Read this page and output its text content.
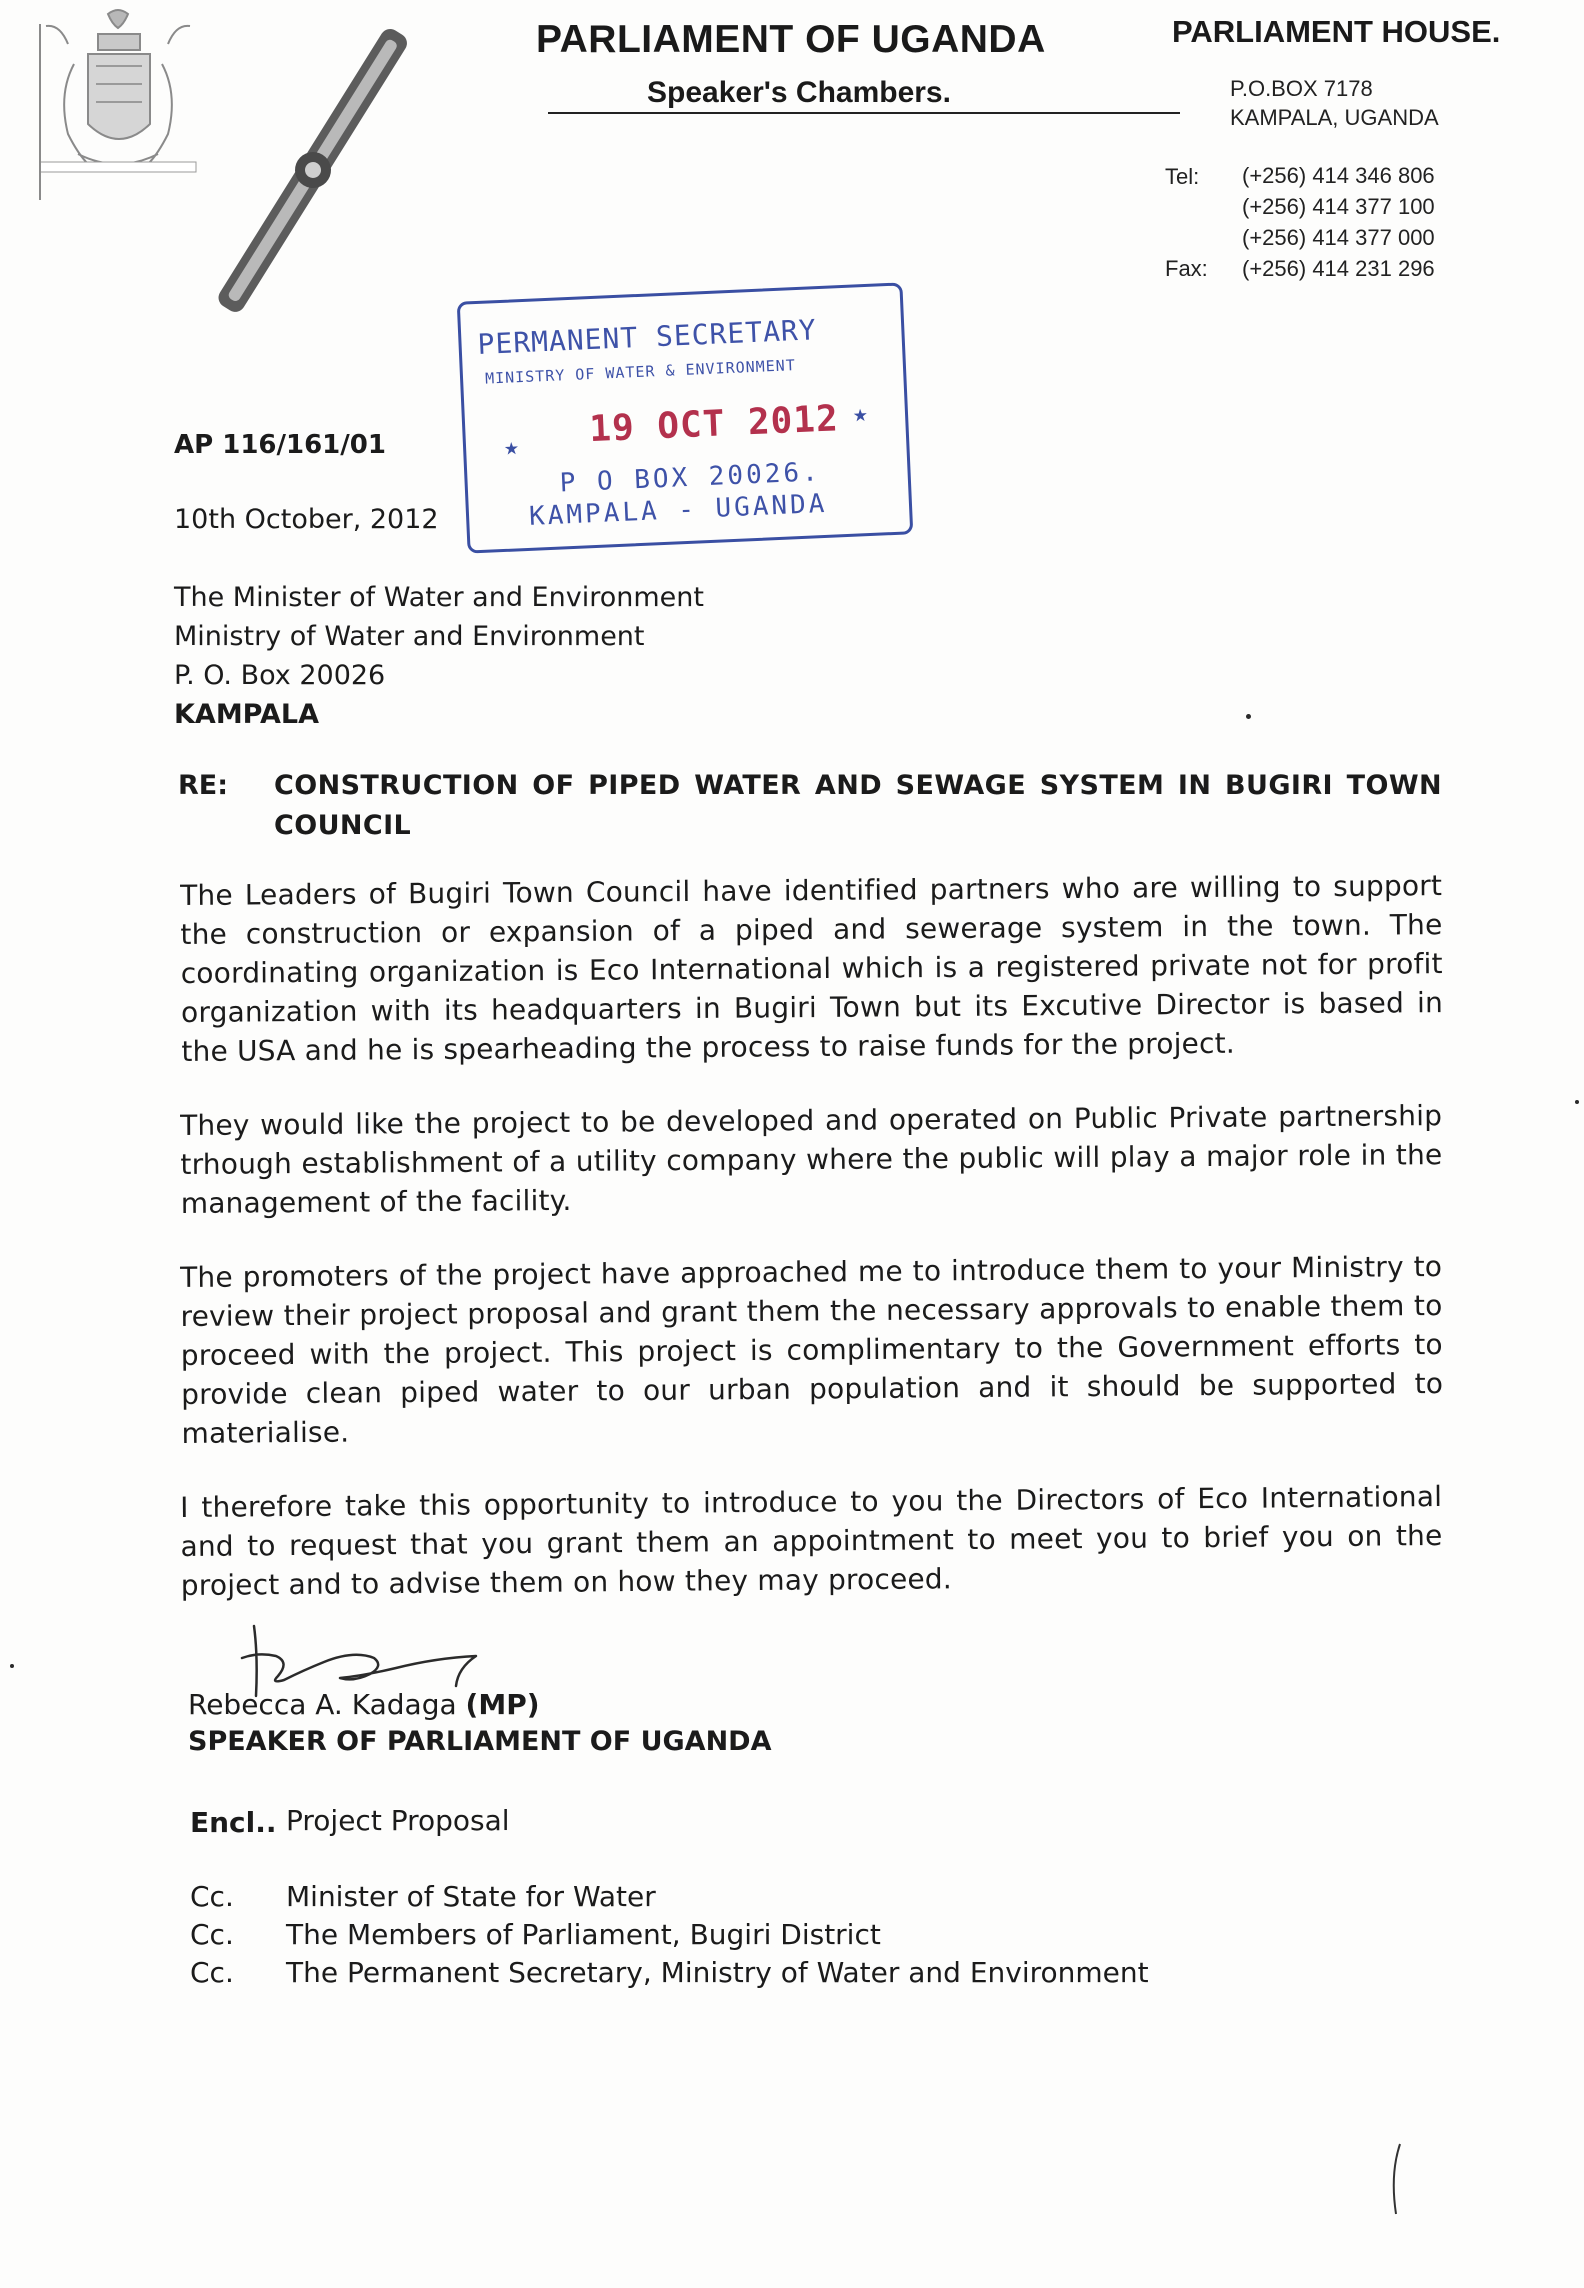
PARLIAMENT OF UGANDA
Speaker's Chambers.
PARLIAMENT HOUSE.
P.O.BOX 7178
KAMPALA, UGANDA
Tel:
Fax:
(+256) 414 346 806
(+256) 414 377 100
(+256) 414 377 000
(+256) 414 231 296
PERMANENT SECRETARY
MINISTRY OF WATER & ENVIRONMENT
★ 19 OCT 2012 ★
P O BOX 20026.
KAMPALA - UGANDA
AP 116/161/01
10th October, 2012
The Minister of Water and Environment
Ministry of Water and Environment
P. O. Box 20026
KAMPALA
RE: CONSTRUCTION OF PIPED WATER AND SEWAGE SYSTEM IN BUGIRI TOWN COUNCIL
The Leaders of Bugiri Town Council have identified partners who are willing to support the construction or expansion of a piped and sewerage system in the town. The coordinating organization is Eco International which is a registered private not for profit organization with its headquarters in Bugiri Town but its Excutive Director is based in the USA and he is spearheading the process to raise funds for the project.
They would like the project to be developed and operated on Public Private partnership trhough establishment of a utility company where the public will play a major role in the management of the facility.
The promoters of the project have approached me to introduce them to your Ministry to review their project proposal and grant them the necessary approvals to enable them to proceed with the project. This project is complimentary to the Government efforts to provide clean piped water to our urban population and it should be supported to materialise.
I therefore take this opportunity to introduce to you the Directors of Eco International and to request that you grant them an appointment to meet you to brief you on the project and to advise them on how they may proceed.
Rebecca A. Kadaga (MP)
SPEAKER OF PARLIAMENT OF UGANDA
Encl.. Project Proposal
Cc. Minister of State for Water
Cc. The Members of Parliament, Bugiri District
Cc. The Permanent Secretary, Ministry of Water and Environment
